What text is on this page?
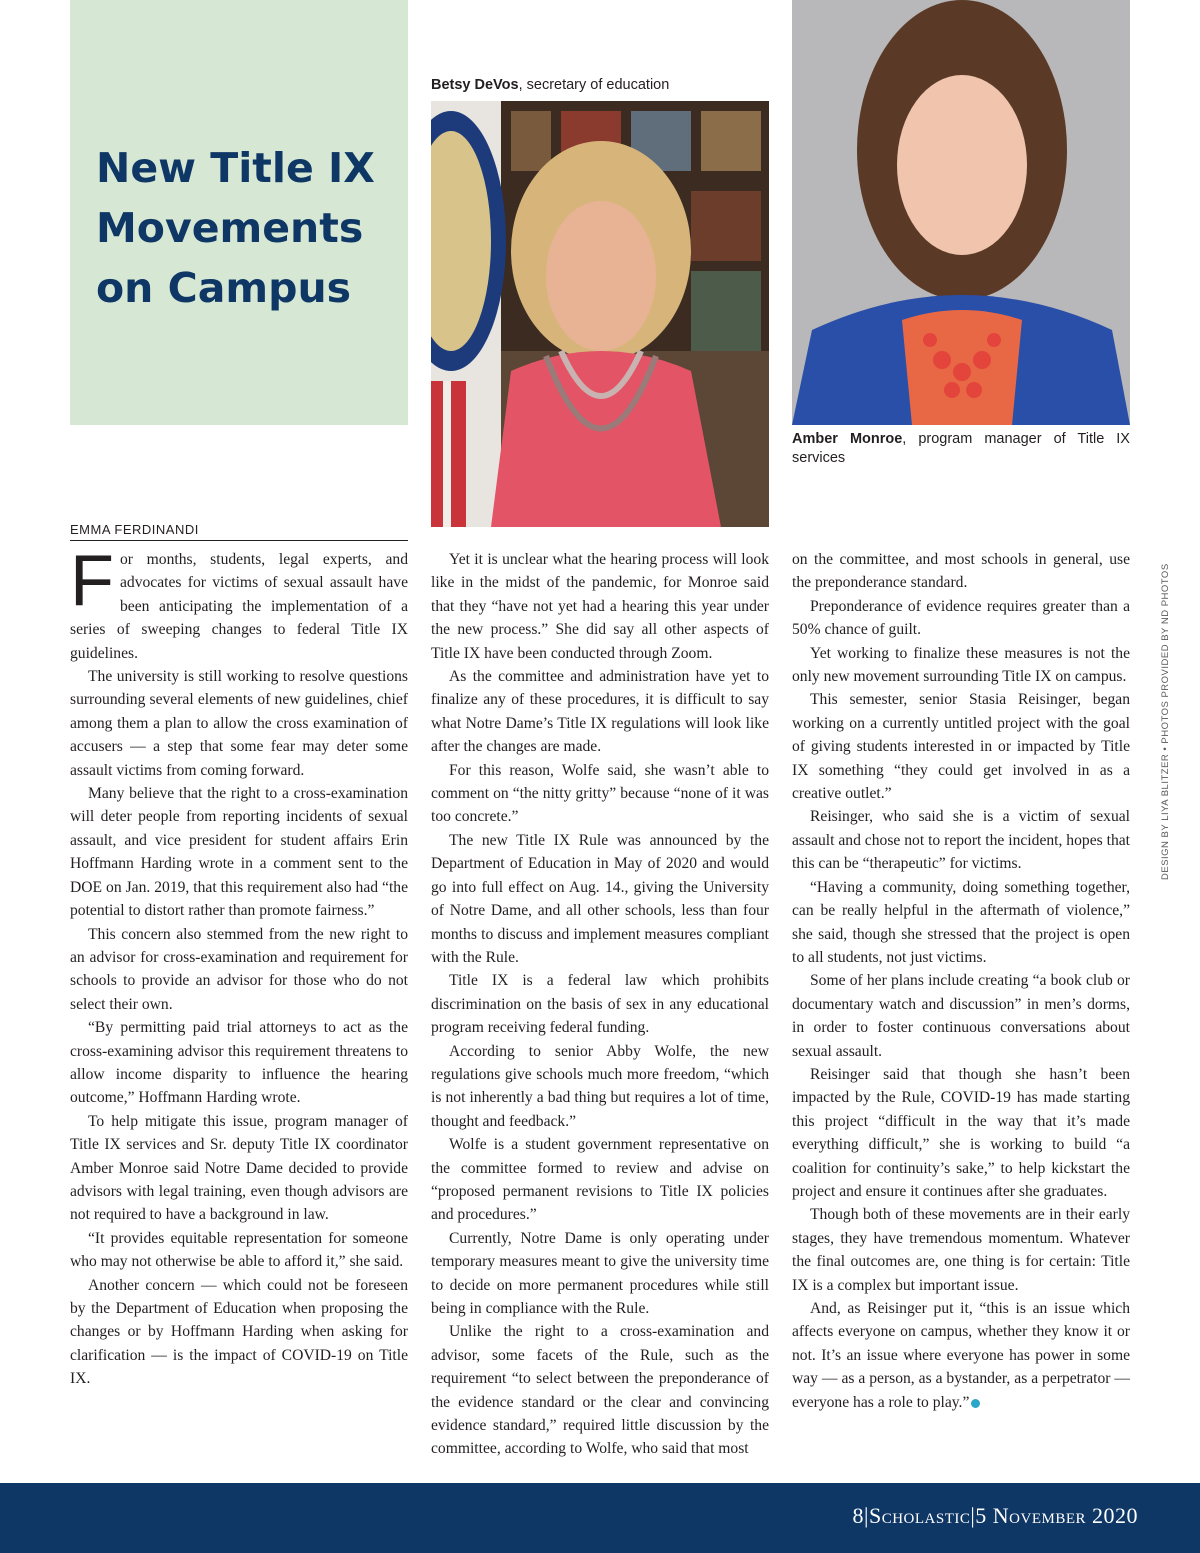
New Title IX
Movements
on Campus
Betsy DeVos, secretary of education
Amber Monroe, program manager of Title IX services
EMMA FERDINANDI

For months, students, legal experts, and advocates for victims of sexual assault have been anticipating the implementation of a series of sweeping changes to federal Title IX guidelines.

The university is still working to resolve questions surrounding several elements of new guidelines, chief among them a plan to allow the cross examination of accusers — a step that some fear may deter some assault victims from coming forward.

Many believe that the right to a cross-examination will deter people from reporting incidents of sexual assault, and vice president for student affairs Erin Hoffmann Harding wrote in a comment sent to the DOE on Jan. 2019, that this requirement also had “the potential to distort rather than promote fairness.”

This concern also stemmed from the new right to an advisor for cross-examination and requirement for schools to provide an advisor for those who do not select their own.

“By permitting paid trial attorneys to act as the cross-examining advisor this requirement threatens to allow income disparity to influence the hearing outcome,” Hoffmann Harding wrote.

To help mitigate this issue, program manager of Title IX services and Sr. deputy Title IX coordinator Amber Monroe said Notre Dame decided to provide advisors with legal training, even though advisors are not required to have a background in law.

“It provides equitable representation for someone who may not otherwise be able to afford it,” she said.

Another concern — which could not be foreseen by the Department of Education when proposing the changes or by Hoffmann Harding when asking for clarification — is the impact of COVID-19 on Title IX.

Yet it is unclear what the hearing process will look like in the midst of the pandemic, for Monroe said that they “have not yet had a hearing this year under the new process.” She did say all other aspects of Title IX have been conducted through Zoom.

As the committee and administration have yet to finalize any of these procedures, it is difficult to say what Notre Dame’s Title IX regulations will look like after the changes are made.

For this reason, Wolfe said, she wasn’t able to comment on “the nitty gritty” because “none of it was too concrete.”

The new Title IX Rule was announced by the Department of Education in May of 2020 and would go into full effect on Aug. 14., giving the University of Notre Dame, and all other schools, less than four months to discuss and implement measures compliant with the Rule.

Title IX is a federal law which prohibits discrimination on the basis of sex in any educational program receiving federal funding.

According to senior Abby Wolfe, the new regulations give schools much more freedom, “which is not inherently a bad thing but requires a lot of time, thought and feedback.”

Wolfe is a student government representative on the committee formed to review and advise on “proposed permanent revisions to Title IX policies and procedures.”

Currently, Notre Dame is only operating under temporary measures meant to give the university time to decide on more permanent procedures while still being in compliance with the Rule.

Unlike the right to a cross-examination and advisor, some facets of the Rule, such as the requirement “to select between the preponderance of the evidence standard or the clear and convincing evidence standard,” required little discussion by the committee, according to Wolfe, who said that most

on the committee, and most schools in general, use the preponderance standard.

Preponderance of evidence requires greater than a 50% chance of guilt.

Yet working to finalize these measures is not the only new movement surrounding Title IX on campus.

This semester, senior Stasia Reisinger, began working on a currently untitled project with the goal of giving students interested in or impacted by Title IX something “they could get involved in as a creative outlet.”

Reisinger, who said she is a victim of sexual assault and chose not to report the incident, hopes that this can be “therapeutic” for victims.

“Having a community, doing something together, can be really helpful in the aftermath of violence,” she said, though she stressed that the project is open to all students, not just victims.

Some of her plans include creating “a book club or documentary watch and discussion” in men’s dorms, in order to foster continuous conversations about sexual assault.

Reisinger said that though she hasn’t been impacted by the Rule, COVID-19 has made starting this project “difficult in the way that it’s made everything difficult,” she is working to build “a coalition for continuity’s sake,” to help kickstart the project and ensure it continues after she graduates.

Though both of these movements are in their early stages, they have tremendous momentum. Whatever the final outcomes are, one thing is for certain: Title IX is a complex but important issue.

And, as Reisinger put it, “this is an issue which affects everyone on campus, whether they know it or not. It’s an issue where everyone has power in some way — as a person, as a bystander, as a perpetrator — everyone has a role to play.”	S

DESIGN BY LIYA BLITZER • PHOTOS PROVIDED BY ND PHOTOS
8|Scholastic|5 November 2020
